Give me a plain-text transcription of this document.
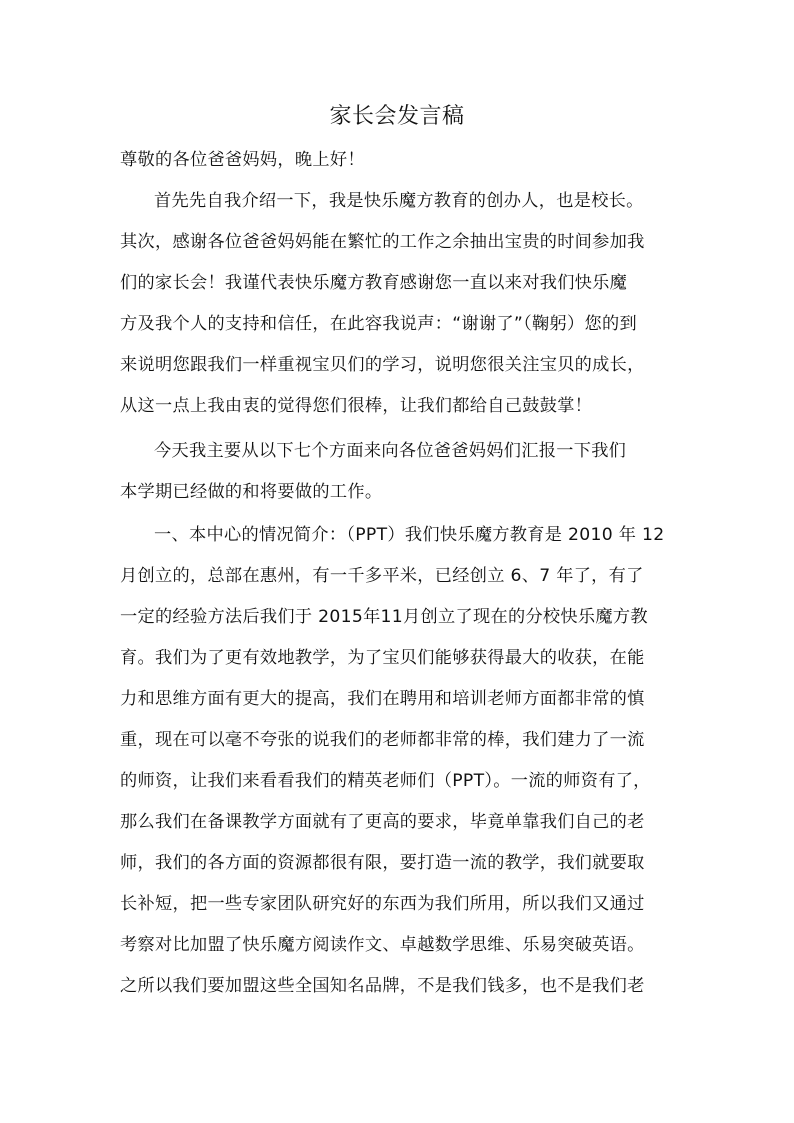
家长会发言稿

尊敬的各位爸爸妈妈，晚上好！

首先先自我介绍一下，我是快乐魔方教育的创办人，也是校长。

其次，感谢各位爸爸妈妈能在繁忙的工作之余抽出宝贵的时间参加我

们的家长会！我谨代表快乐魔方教育感谢您一直以来对我们快乐魔

方及我个人的支持和信任，在此容我说声：“谢谢了”（鞠躬）您的到

来说明您跟我们一样重视宝贝们的学习，说明您很关注宝贝的成长，

从这一点上我由衷的觉得您们很棒，让我们都给自己鼓鼓掌！

今天我主要从以下七个方面来向各位爸爸妈妈们汇报一下我们

本学期已经做的和将要做的工作。

一、本中心的情况简介：（PPT）我们快乐魔方教育是 2010 年 12

月创立的，总部在惠州，有一千多平米，已经创立 6、7 年了，有了

一定的经验方法后我们于 2015年11月创立了现在的分校快乐魔方教

育。我们为了更有效地教学，为了宝贝们能够获得最大的收获，在能

力和思维方面有更大的提高，我们在聘用和培训老师方面都非常的慎

重，现在可以毫不夸张的说我们的老师都非常的棒，我们建力了一流

的师资，让我们来看看我们的精英老师们（PPT）。一流的师资有了，

那么我们在备课教学方面就有了更高的要求，毕竟单靠我们自己的老

师，我们的各方面的资源都很有限，要打造一流的教学，我们就要取

长补短，把一些专家团队研究好的东西为我们所用，所以我们又通过

考察对比加盟了快乐魔方阅读作文、卓越数学思维、乐易突破英语。

之所以我们要加盟这些全国知名品牌，不是我们钱多，也不是我们老
